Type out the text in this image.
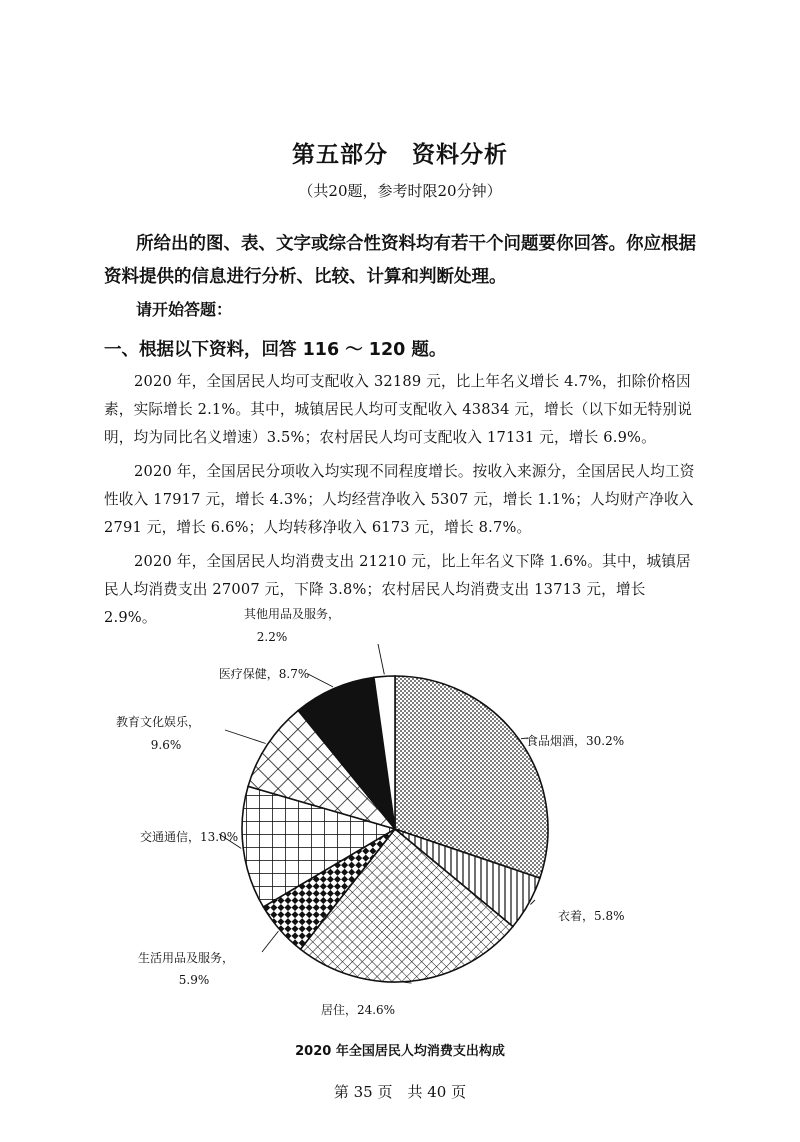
第五部分　资料分析
（共20题，参考时限20分钟）
所给出的图、表、文字或综合性资料均有若干个问题要你回答。你应根据资料提供的信息进行分析、比较、计算和判断处理。
请开始答题：
一、根据以下资料，回答 116 ～ 120 题。
2020 年，全国居民人均可支配收入 32189 元，比上年名义增长 4.7%，扣除价格因素，实际增长 2.1%。其中，城镇居民人均可支配收入 43834 元，增长（以下如无特别说明，均为同比名义增速）3.5%；农村居民人均可支配收入 17131 元，增长 6.9%。
2020 年，全国居民分项收入均实现不同程度增长。按收入来源分，全国居民人均工资性收入 17917 元，增长 4.3%；人均经营净收入 5307 元，增长 1.1%；人均财产净收入 2791 元，增长 6.6%；人均转移净收入 6173 元，增长 8.7%。
2020 年，全国居民人均消费支出 21210 元，比上年名义下降 1.6%。其中，城镇居民人均消费支出 27007 元，下降 3.8%；农村居民人均消费支出 13713 元，增长 2.9%。
食品烟酒，30.2%
衣着，5.8%
居住，24.6%
生活用品及服务，
5.9%
交通通信，13.0%
教育文化娱乐，
9.6%
医疗保健，8.7%
其他用品及服务，
2.2%
2020 年全国居民人均消费支出构成
第 35 页　共 40 页
